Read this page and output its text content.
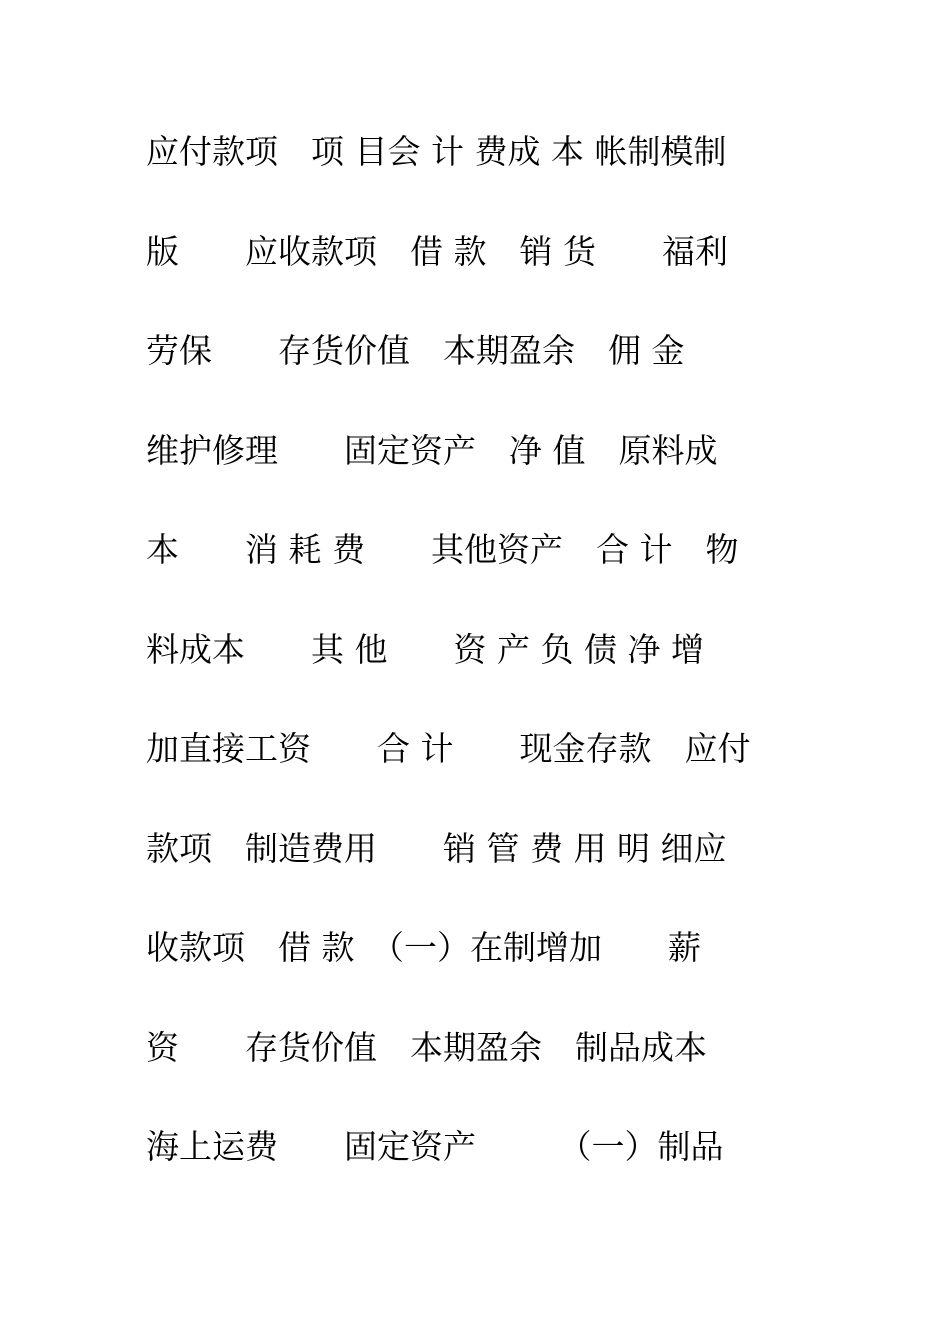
应付款项　项 目会 计 费成 本 帐制模制
版　　应收款项　借 款　销 货　　福利
劳保　　存货价值　本期盈余　佣 金
维护修理　　固定资产　净 值　原料成
本　　消 耗 费　　其他资产　合 计　物
料成本　　其 他　　资 产 负 债 净 增
加直接工资　　合 计　　现金存款　应付
款项　制造费用　　销 管 费 用 明 细应
收款项　借 款　（一）在制增加　　薪
资　　存货价值　本期盈余　制品成本
海上运费　　固定资产　　　（一）制品
